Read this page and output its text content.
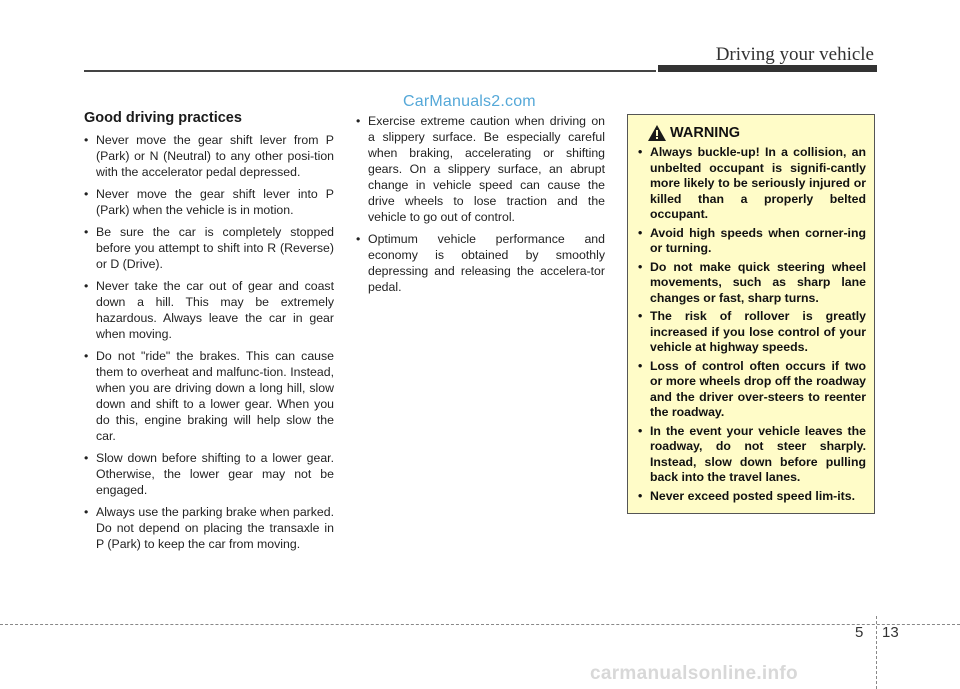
Driving your vehicle
CarManuals2.com
Good driving practices
• Never move the gear shift lever from P (Park) or N (Neutral) to any other posi-tion with the accelerator pedal depressed.
• Never move the gear shift lever into P (Park) when the vehicle is in motion.
• Be sure the car is completely stopped before you attempt to shift into R (Reverse) or D (Drive).
• Never take the car out of gear and coast down a hill. This may be extremely hazardous. Always leave the car in gear when moving.
• Do not "ride" the brakes. This can cause them to overheat and malfunc-tion. Instead, when you are driving down a long hill, slow down and shift to a lower gear. When you do this, engine braking will help slow the car.
• Slow down before shifting to a lower gear. Otherwise, the lower gear may not be engaged.
• Always use the parking brake when parked. Do not depend on placing the transaxle in P (Park) to keep the car from moving.
• Exercise extreme caution when driving on a slippery surface. Be especially careful when braking, accelerating or shifting gears. On a slippery surface, an abrupt change in vehicle speed can cause the drive wheels to lose traction and the vehicle to go out of control.
• Optimum vehicle performance and economy is obtained by smoothly depressing and releasing the accelera-tor pedal.
WARNING
• Always buckle-up! In a collision, an unbelted occupant is signifi-cantly more likely to be seriously injured or killed than a properly belted occupant.
• Avoid high speeds when corner-ing or turning.
• Do not make quick steering wheel movements, such as sharp lane changes or fast, sharp turns.
• The risk of rollover is greatly increased if you lose control of your vehicle at highway speeds.
• Loss of control often occurs if two or more wheels drop off the roadway and the driver over-steers to reenter the roadway.
• In the event your vehicle leaves the roadway, do not steer sharply. Instead, slow down before pulling back into the travel lanes.
• Never exceed posted speed lim-its.
5 13
carmanualsonline.info
